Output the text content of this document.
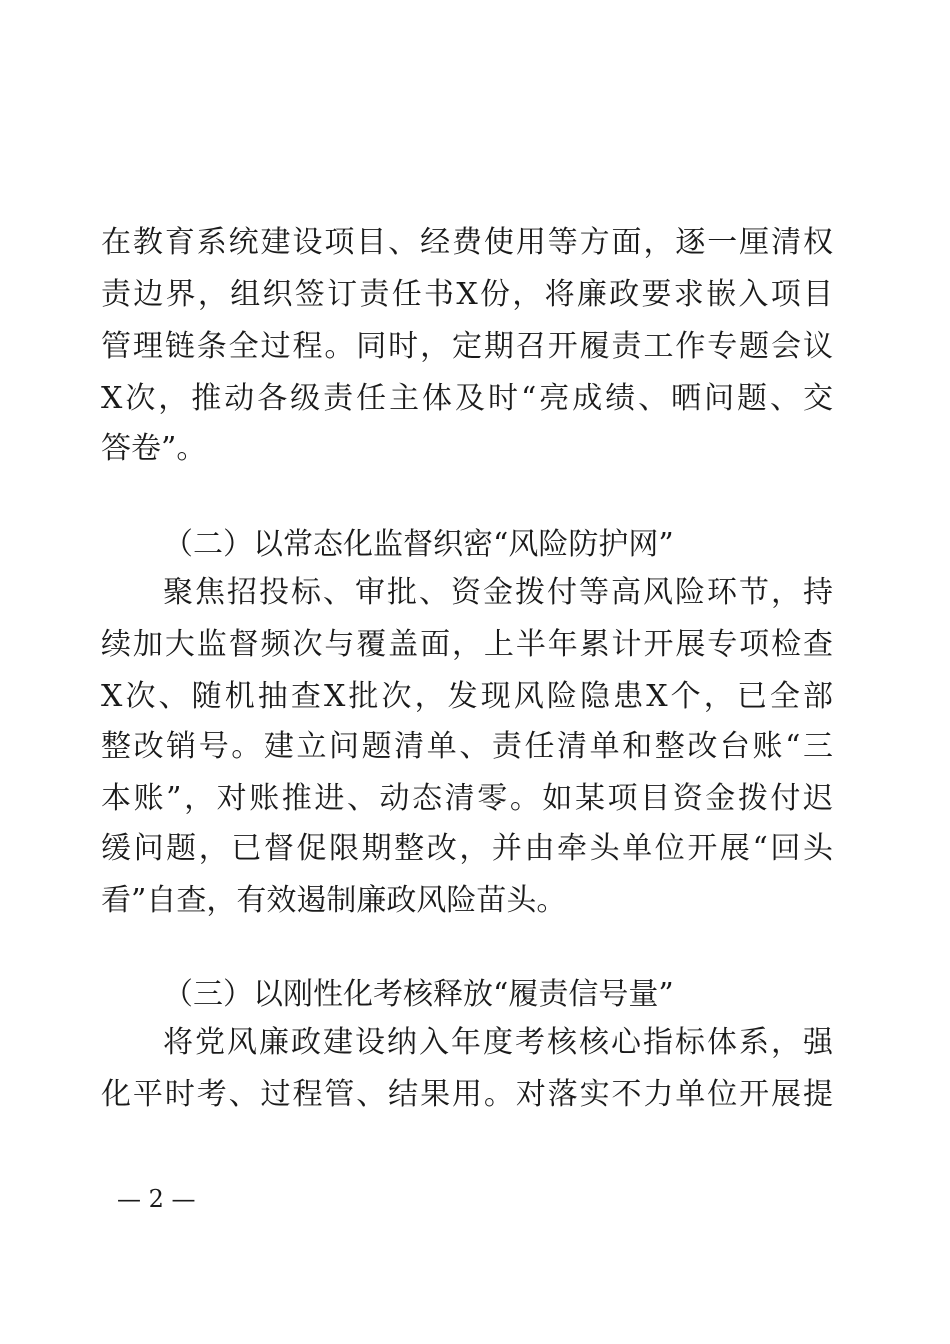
在教育系统建设项目、经费使用等方面，逐一厘清权
责边界，组织签订责任书X份，将廉政要求嵌入项目
管理链条全过程。同时，定期召开履责工作专题会议
X次，推动各级责任主体及时“亮成绩、晒问题、交
答卷”。
（二）以常态化监督织密“风险防护网”
聚焦招投标、审批、资金拨付等高风险环节，持
续加大监督频次与覆盖面，上半年累计开展专项检查
X次、随机抽查X批次，发现风险隐患X个，已全部
整改销号。建立问题清单、责任清单和整改台账“三
本账”，对账推进、动态清零。如某项目资金拨付迟
缓问题，已督促限期整改，并由牵头单位开展“回头
看”自查，有效遏制廉政风险苗头。
（三）以刚性化考核释放“履责信号量”
将党风廉政建设纳入年度考核核心指标体系，强
化平时考、过程管、结果用。对落实不力单位开展提
— 2 —
